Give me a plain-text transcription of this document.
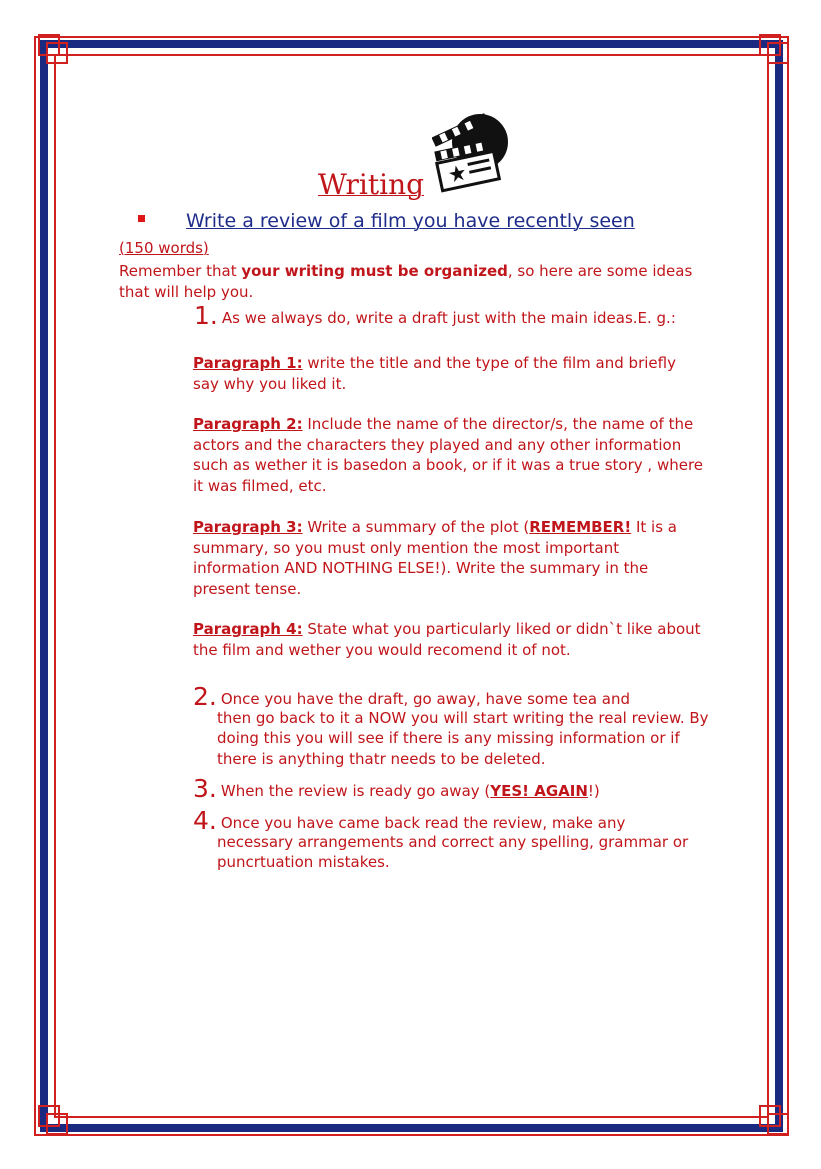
Writing
Write a review of a film you have recently seen
(150 words)
Remember that your writing must be organized, so here are some ideas that will help you.
1. As we always do, write a draft just with the main ideas.E. g.:
Paragraph 1: write the title and the type of the film and briefly say why you liked it.
Paragraph 2: Include the name of the director/s, the name of the actors and the characters they played and any other information such as wether it is basedon a book, or if it was a true story , where it was filmed, etc.
Paragraph 3: Write a summary of the plot (REMEMBER! It is a summary, so you must only mention the most important information AND NOTHING ELSE!). Write the summary in the present tense.
Paragraph 4: State what you particularly liked or didn`t like about the film and wether you would recomend it of not.
2. Once you have the draft, go away, have some tea and
then go back to it a NOW you will start writing the real review. By doing this you will see if there is any missing information or if there is anything thatr needs to be deleted.
3. When the review is ready go away (YES! AGAIN!)
4. Once you have came back read the review, make any
necessary arrangements and correct any spelling, grammar or puncrtuation mistakes.
